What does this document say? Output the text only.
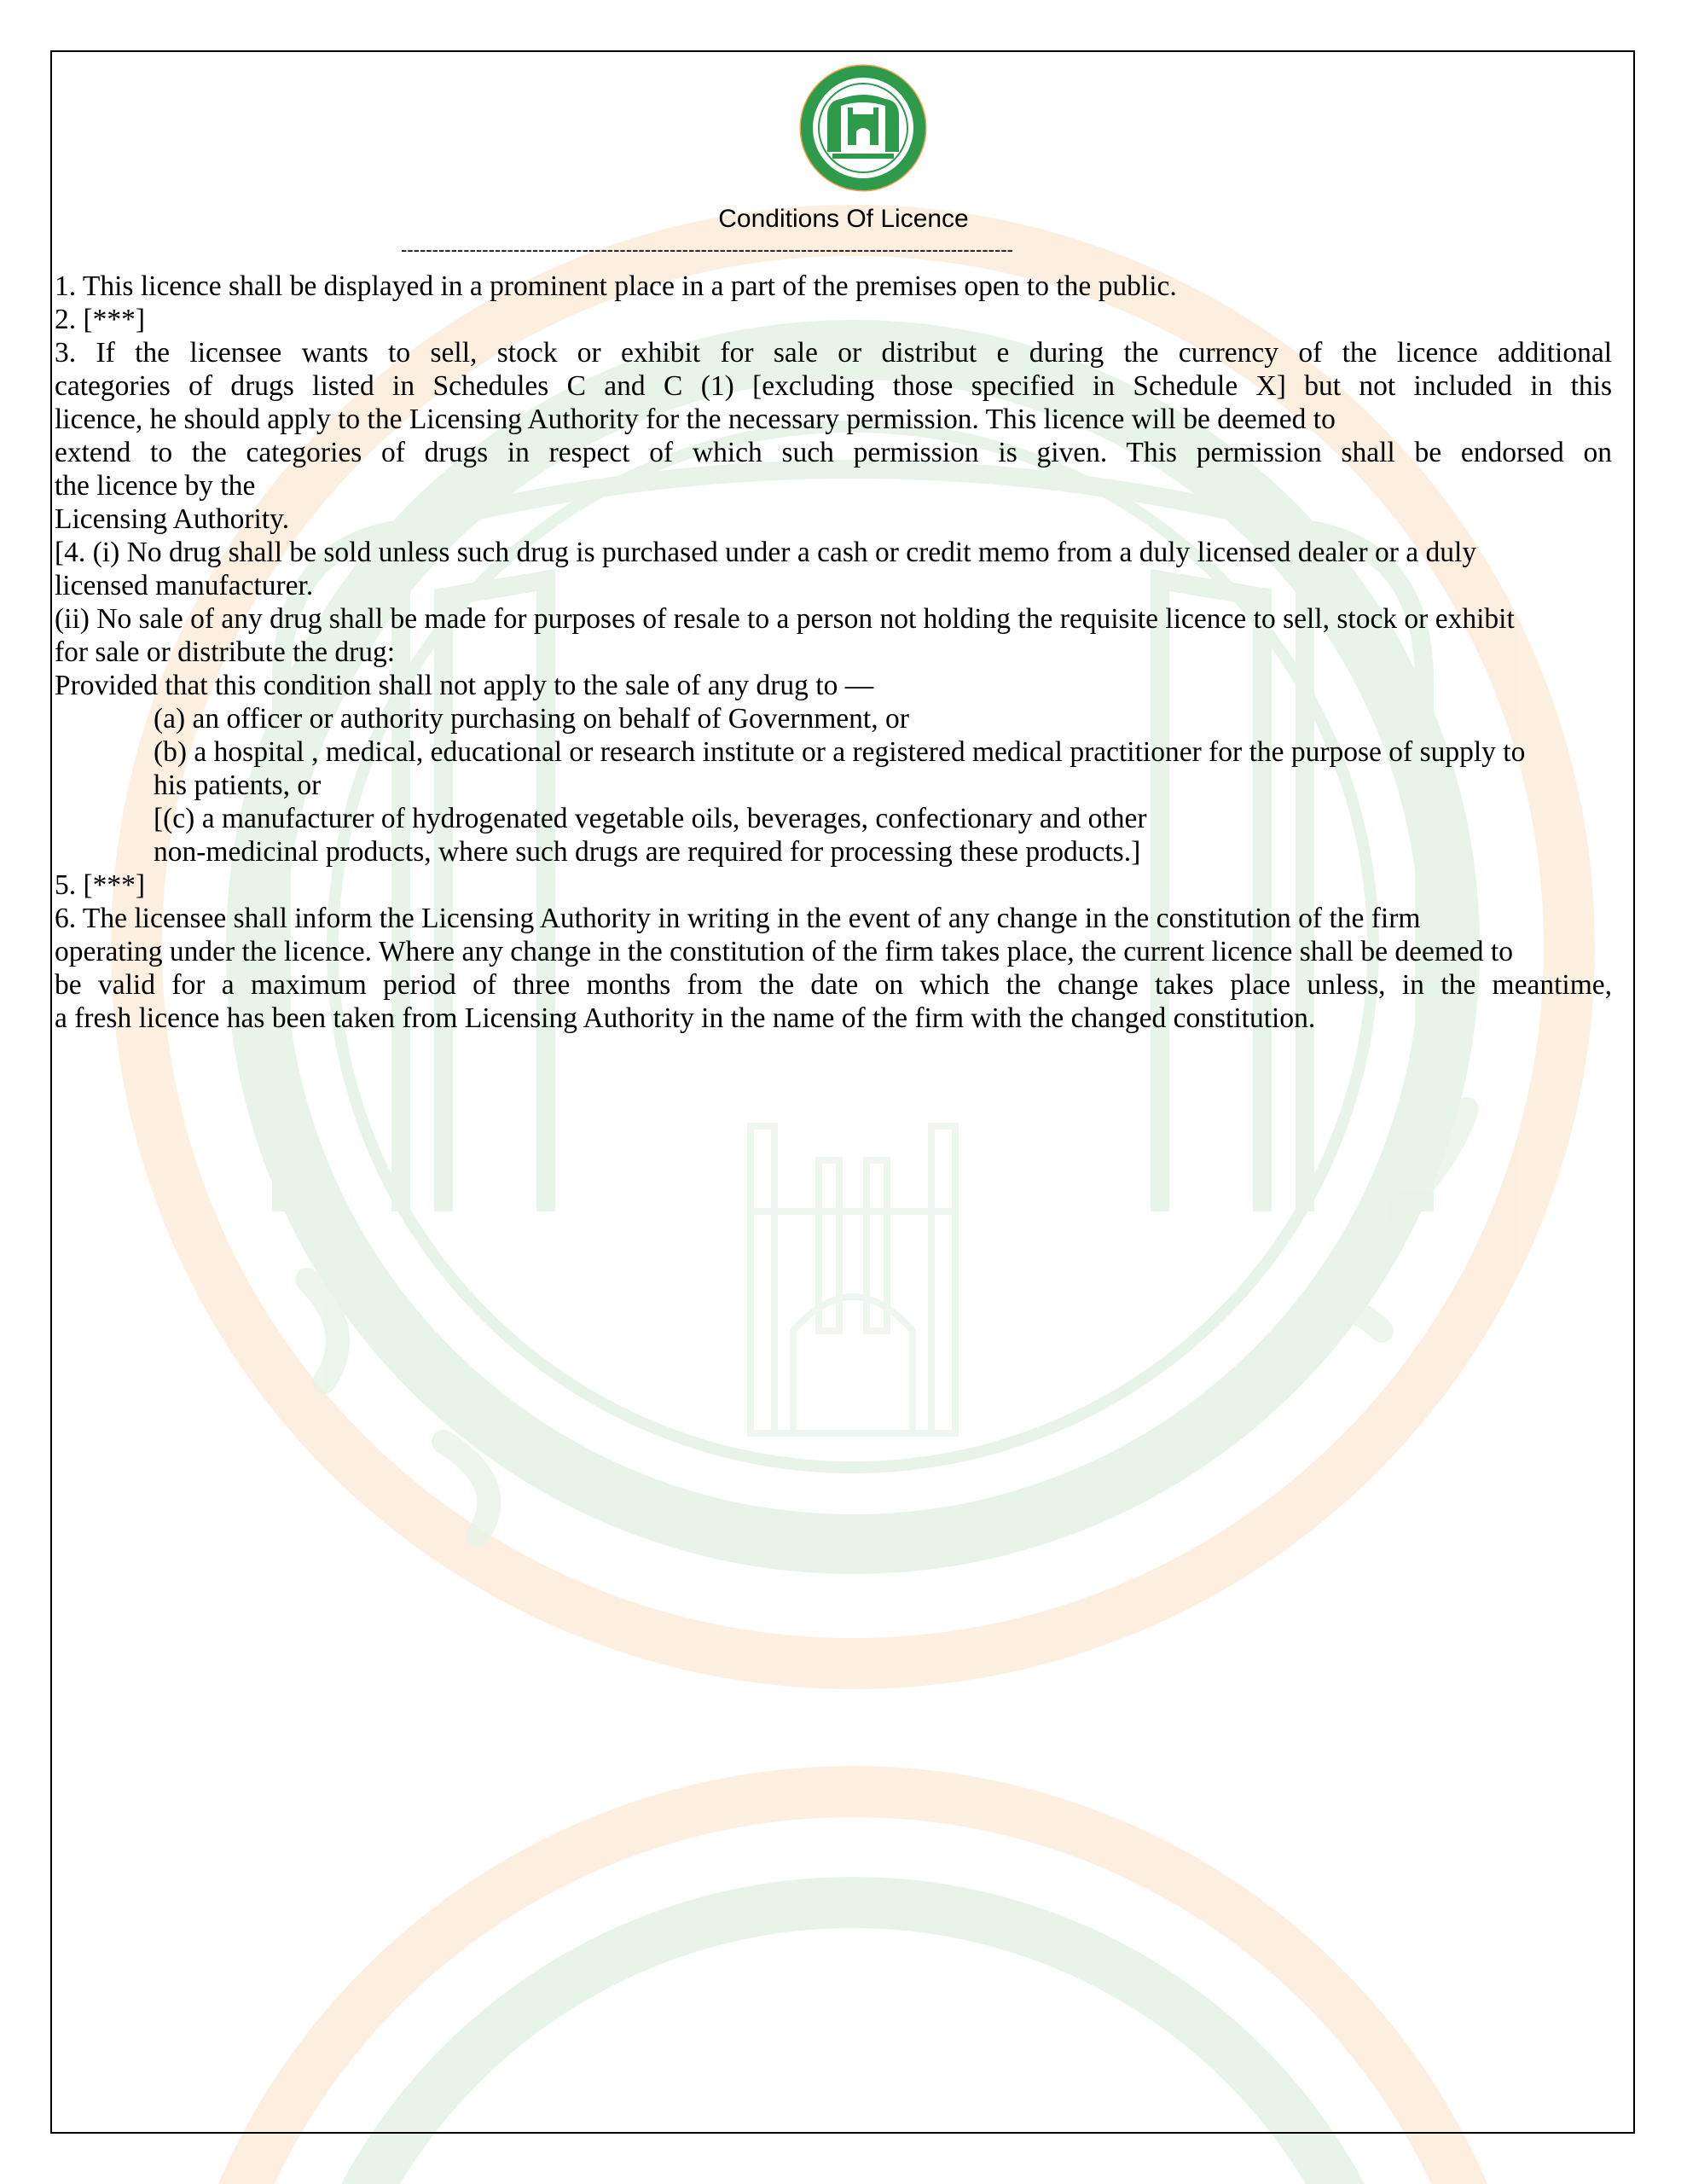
Conditions Of Licence
--------------------------------------------------------------------------------------------------
1. This licence shall be displayed in a prominent place in a part of the premises open to the public.
2. [***]
3. If the licensee wants to sell, stock or exhibit for sale or distribut e during the currency of the licence additional
categories of drugs listed in Schedules C and C (1) [excluding those specified in Schedule X] but not included in this
licence, he should apply to the Licensing Authority for the necessary permission. This licence will be deemed to
extend to the categories of drugs in respect of which such permission is given. This permission shall be endorsed on
the licence by the
Licensing Authority.
[4. (i) No drug shall be sold unless such drug is purchased under a cash or credit memo from a duly licensed dealer or a duly
licensed manufacturer.
(ii) No sale of any drug shall be made for purposes of resale to a person not holding the requisite licence to sell, stock or exhibit
for sale or distribute the drug:
Provided that this condition shall not apply to the sale of any drug to —
(a) an officer or authority purchasing on behalf of Government, or
(b) a hospital , medical, educational or research institute or a registered medical practitioner for the purpose of supply to
his patients, or
[(c) a manufacturer of hydrogenated vegetable oils, beverages, confectionary and other
non-medicinal products, where such drugs are required for processing these products.]
5. [***]
6. The licensee shall inform the Licensing Authority in writing in the event of any change in the constitution of the firm
operating under the licence. Where any change in the constitution of the firm takes place, the current licence shall be deemed to
be valid for a maximum period of three months from the date on which the change takes place unless, in the meantime,
a fresh licence has been taken from Licensing Authority in the name of the firm with the changed constitution.
